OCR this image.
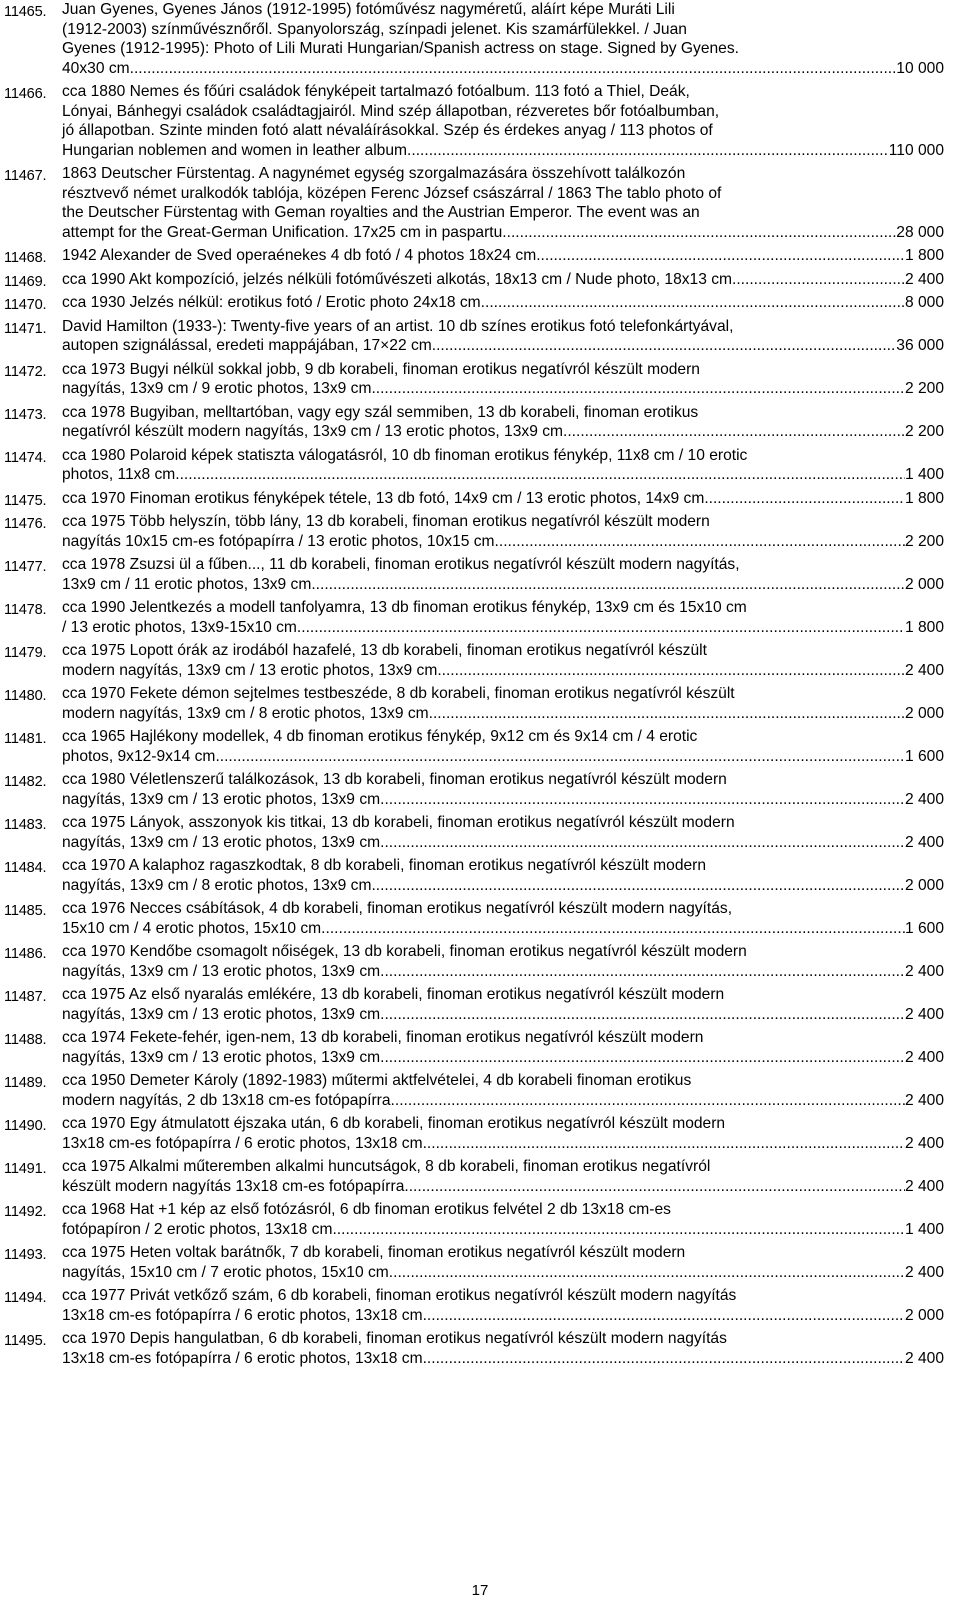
11465.	Juan Gyenes, Gyenes János (1912-1995) fotóművész nagyméretű, aláírt képe Muráti Lili
(1912-2003) színművésznőről. Spanyolország, színpadi jelenet. Kis szamárfülekkel. / Juan
Gyenes (1912-1995): Photo of Lili Murati Hungarian/Spanish actress on stage. Signed by Gyenes.
40x30 cm .....	10 000
11466.	cca 1880 Nemes és főúri családok fényképeit tartalmazó fotóalbum. 113 fotó a Thiel, Deák,
Lónyai, Bánhegyi családok családtagjairól. Mind szép állapotban, rézveretes bőr fotóalbumban,
jó állapotban. Szinte minden fotó alatt névaláírásokkal. Szép és érdekes anyag / 113 photos of
Hungarian noblemen and women in leather album. .....	110 000
11467.	1863 Deutscher Fürstentag. A nagynémet egység szorgalmazására összehívott találkozón
résztvevő német uralkodók tablója, középen Ferenc József császárral / 1863 The tablo photo of
the Deutscher Fürstentag with Geman royalties and the Austrian Emperor. The event was an
attempt for the Great-German Unification. 17x25 cm in paspartu. .....	28 000
11468.	1942 Alexander de Sved operaénekes 4 db fotó / 4 photos 18x24 cm .....	1 800
11469.	cca 1990 Akt kompozíció, jelzés nélküli fotóművészeti alkotás, 18x13 cm / Nude photo, 18x13 cm .....	2 400
11470.	cca 1930 Jelzés nélkül: erotikus fotó / Erotic photo 24x18 cm. .....	8 000
11471.	David Hamilton (1933-): Twenty-five years of an artist. 10 db színes erotikus fotó telefonkártyával,
autopen szignálással, eredeti mappájában, 17×22 cm .....	36 000
11472.	cca 1973 Bugyi nélkül sokkal jobb, 9 db korabeli, finoman erotikus negatívról készült modern
nagyítás, 13x9 cm / 9 erotic photos, 13x9 cm .....	2 200
11473.	cca 1978 Bugyiban, melltartóban, vagy egy szál semmiben, 13 db korabeli, finoman erotikus
negatívról készült modern nagyítás, 13x9 cm / 13 erotic photos, 13x9 cm .....	2 200
11474.	cca 1980 Polaroid képek statiszta válogatásról, 10 db finoman erotikus fénykép, 11x8 cm / 10 erotic
photos, 11x8 cm .....	1 400
11475.	cca 1970 Finoman erotikus fényképek tétele, 13 db fotó, 14x9 cm / 13 erotic photos, 14x9 cm .....	1 800
11476.	cca 1975 Több helyszín, több lány, 13 db korabeli, finoman erotikus negatívról készült modern
nagyítás 10x15 cm-es fotópapírra / 13 erotic photos, 10x15 cm .....	2 200
11477.	cca 1978 Zsuzsi ül a fűben..., 11 db korabeli, finoman erotikus negatívról készült modern nagyítás,
13x9 cm / 11 erotic photos, 13x9 cm .....	2 000
11478.	cca 1990 Jelentkezés a modell tanfolyamra, 13 db finoman erotikus fénykép, 13x9 cm és 15x10 cm
/ 13 erotic photos, 13x9-15x10 cm .....	1 800
11479.	cca 1975 Lopott órák az irodából hazafelé, 13 db korabeli, finoman erotikus negatívról készült
modern nagyítás, 13x9 cm / 13 erotic photos, 13x9 cm .....	2 400
11480.	cca 1970 Fekete démon sejtelmes testbeszéde, 8 db korabeli, finoman erotikus negatívról készült
modern nagyítás, 13x9 cm / 8 erotic photos, 13x9 cm .....	2 000
11481.	cca 1965 Hajlékony modellek, 4 db finoman erotikus fénykép, 9x12 cm és 9x14 cm / 4 erotic
photos, 9x12-9x14 cm .....	1 600
11482.	cca 1980 Véletlenszerű találkozások, 13 db korabeli, finoman erotikus negatívról készült modern
nagyítás, 13x9 cm / 13 erotic photos, 13x9 cm .....	2 400
11483.	cca 1975 Lányok, asszonyok kis titkai, 13 db korabeli, finoman erotikus negatívról készült modern
nagyítás, 13x9 cm / 13 erotic photos, 13x9 cm .....	2 400
11484.	cca 1970 A kalaphoz ragaszkodtak, 8 db korabeli, finoman erotikus negatívról készült modern
nagyítás, 13x9 cm / 8 erotic photos, 13x9 cm .....	2 000
11485.	cca 1976 Necces csábítások, 4 db korabeli, finoman erotikus negatívról készült modern nagyítás,
15x10 cm / 4 erotic photos, 15x10 cm .....	1 600
11486.	cca 1970 Kendőbe csomagolt nőiségek, 13 db korabeli, finoman erotikus negatívról készült modern
nagyítás, 13x9 cm / 13 erotic photos, 13x9 cm .....	2 400
11487.	cca 1975 Az első nyaralás emlékére, 13 db korabeli, finoman erotikus negatívról készült modern
nagyítás, 13x9 cm / 13 erotic photos, 13x9 cm .....	2 400
11488.	cca 1974 Fekete-fehér, igen-nem, 13 db korabeli, finoman erotikus negatívról készült modern
nagyítás, 13x9 cm / 13 erotic photos, 13x9 cm .....	2 400
11489.	cca 1950 Demeter Károly (1892-1983) műtermi aktfelvételei, 4 db korabeli finoman erotikus
modern nagyítás, 2 db 13x18 cm-es fotópapírra .....	2 400
11490.	cca 1970 Egy átmulatott éjszaka után, 6 db korabeli, finoman erotikus negatívról készült modern
13x18 cm-es fotópapírra / 6 erotic photos, 13x18 cm .....	2 400
11491.	cca 1975 Alkalmi műteremben alkalmi huncutságok, 8 db korabeli, finoman erotikus negatívról
készült modern nagyítás 13x18 cm-es fotópapírra .....	2 400
11492.	cca 1968 Hat +1 kép az első fotózásról, 6 db finoman erotikus felvétel 2 db 13x18 cm-es
fotópapíron / 2 erotic photos, 13x18 cm .....	1 400
11493.	cca 1975 Heten voltak barátnők, 7 db korabeli, finoman erotikus negatívról készült modern
nagyítás, 15x10 cm / 7 erotic photos, 15x10 cm .....	2 400
11494.	cca 1977 Privát vetkőző szám, 6 db korabeli, finoman erotikus negatívról készült modern nagyítás
13x18 cm-es fotópapírra / 6 erotic photos, 13x18 cm .....	2 000
11495.	cca 1970 Depis hangulatban, 6 db korabeli, finoman erotikus negatívról készült modern nagyítás
13x18 cm-es fotópapírra / 6 erotic photos, 13x18 cm .....	2 400
17
